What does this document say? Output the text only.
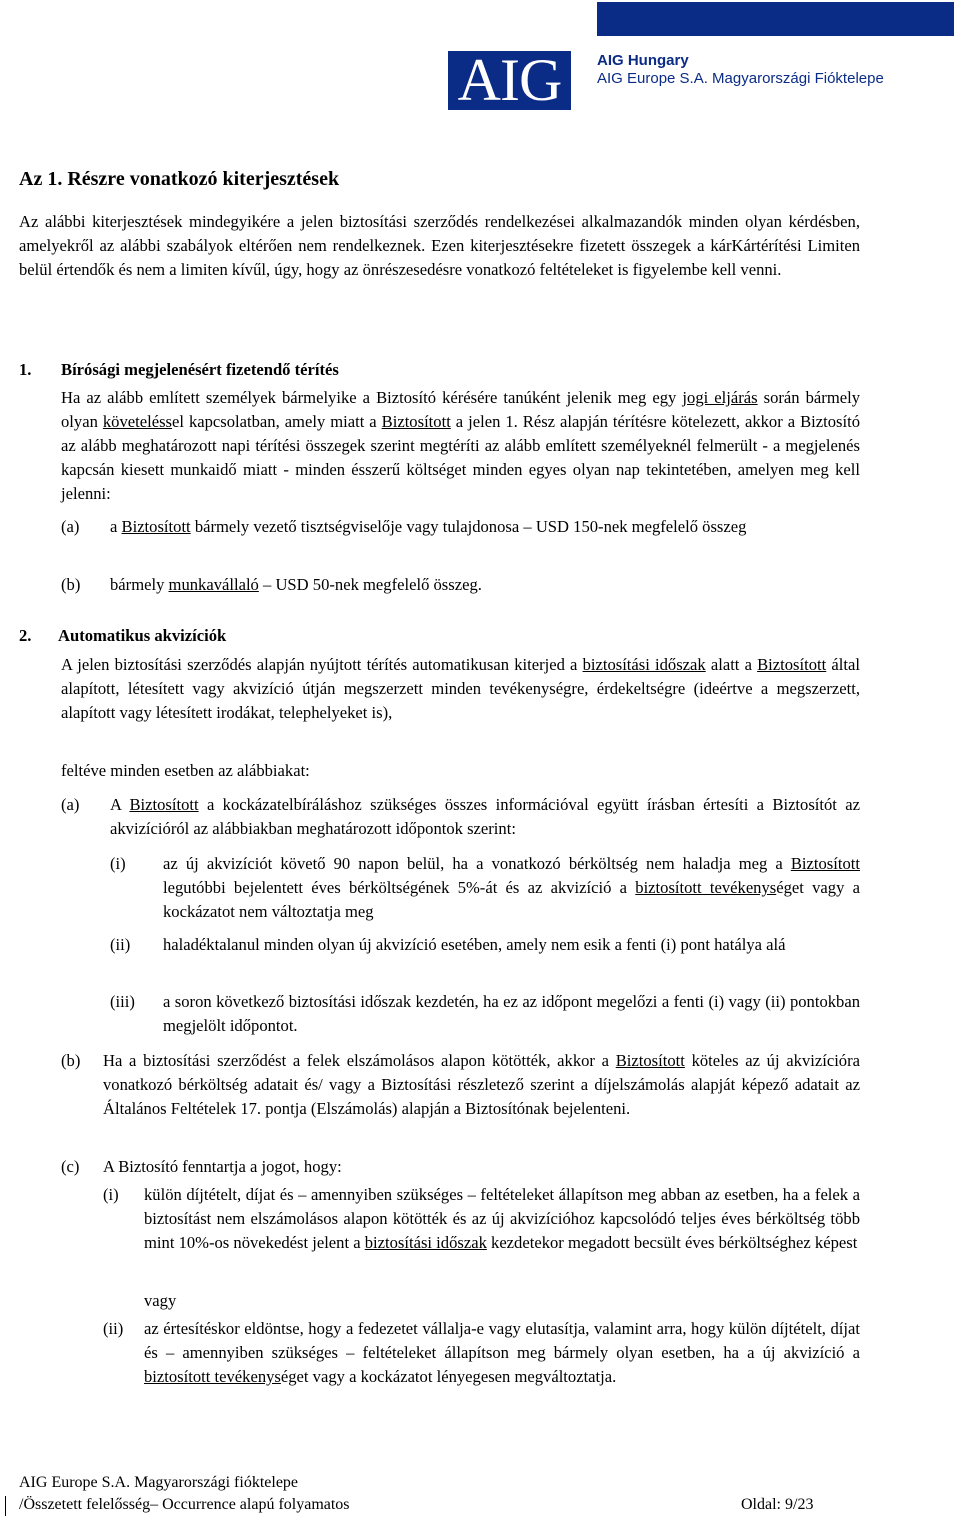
AIG	AIG Hungary
AIG Europe S.A. Magyarországi Fióktelepe
Az 1. Részre vonatkozó kiterjesztések
Az alábbi kiterjesztések mindegyikére a jelen biztosítási szerződés rendelkezései alkalmazandók minden olyan kérdésben, amelyekről az alábbi szabályok eltérően nem rendelkeznek. Ezen kiterjesztésekre fizetett összegek a kárKártérítési Limiten belül értendők és nem a limiten kívűl, úgy, hogy az önrészesedésre vonatkozó feltételeket is figyelembe kell venni.
1. Bírósági megjelenésért fizetendő térítés
Ha az alább említett személyek bármelyike a Biztosító kérésére tanúként jelenik meg egy jogi eljárás során bármely olyan követeléssel kapcsolatban, amely miatt a Biztosított a jelen 1. Rész alapján térítésre kötelezett, akkor a Biztosító az alább meghatározott napi térítési összegek szerint megtéríti az alább említett személyeknél felmerült - a megjelenés kapcsán kiesett munkaidő miatt - minden ésszerű költséget minden egyes olyan nap tekintetében, amelyen meg kell jelenni:
(a) a Biztosított bármely vezető tisztségviselője vagy tulajdonosa – USD 150-nek megfelelő összeg
(b) bármely munkavállaló – USD 50-nek megfelelő összeg.
2. Automatikus akvizíciók
A jelen biztosítási szerződés alapján nyújtott térítés automatikusan kiterjed a biztosítási időszak alatt a Biztosított által alapított, létesített vagy akvizíció útján megszerzett minden tevékenységre, érdekeltségre (ideértve a megszerzett, alapított vagy létesített irodákat, telephelyeket is),
feltéve minden esetben az alábbiakat:
(a) A Biztosított a kockázatelbíráláshoz szükséges összes információval együtt írásban értesíti a Biztosítót az akvizícióról az alábbiakban meghatározott időpontok szerint:
(i) az új akvizíciót követő 90 napon belül, ha a vonatkozó bérköltség nem haladja meg a Biztosított legutóbbi bejelentett éves bérköltségének 5%-át és az akvizíció a biztosított tevékenységet vagy a kockázatot nem változtatja meg
(ii) haladéktalanul minden olyan új akvizíció esetében, amely nem esik a fenti (i) pont hatálya alá
(iii) a soron következő biztosítási időszak kezdetén, ha ez az időpont megelőzi a fenti (i) vagy (ii) pontokban megjelölt időpontot.
(b) Ha a biztosítási szerződést a felek elszámolásos alapon kötötték, akkor a Biztosított köteles az új akvizícióra vonatkozó bérköltség adatait és/ vagy a Biztosítási részletező szerint a díjelszámolás alapját képező adatait az Általános Feltételek 17. pontja (Elszámolás) alapján a Biztosítónak bejelenteni.
(c) A Biztosító fenntartja a jogot, hogy:
(i) külön díjtételt, díjat és – amennyiben szükséges – feltételeket állapítson meg abban az esetben, ha a felek a biztosítást nem elszámolásos alapon kötötték és az új akvizícióhoz kapcsolódó teljes éves bérköltség több mint 10%-os növekedést jelent a biztosítási időszak kezdetekor megadott becsült éves bérköltséghez képest
vagy
(ii) az értesítéskor eldöntse, hogy a fedezetet vállalja-e vagy elutasítja, valamint arra, hogy külön díjtételt, díjat és – amennyiben szükséges – feltételeket állapítson meg bármely olyan esetben, ha a új akvizíció a biztosított tevékenységet vagy a kockázatot lényegesen megváltoztatja.
AIG Europe S.A. Magyarországi fióktelepe
/Összetett felelősség– Occurrence alapú folyamatos	Oldal: 9/23
